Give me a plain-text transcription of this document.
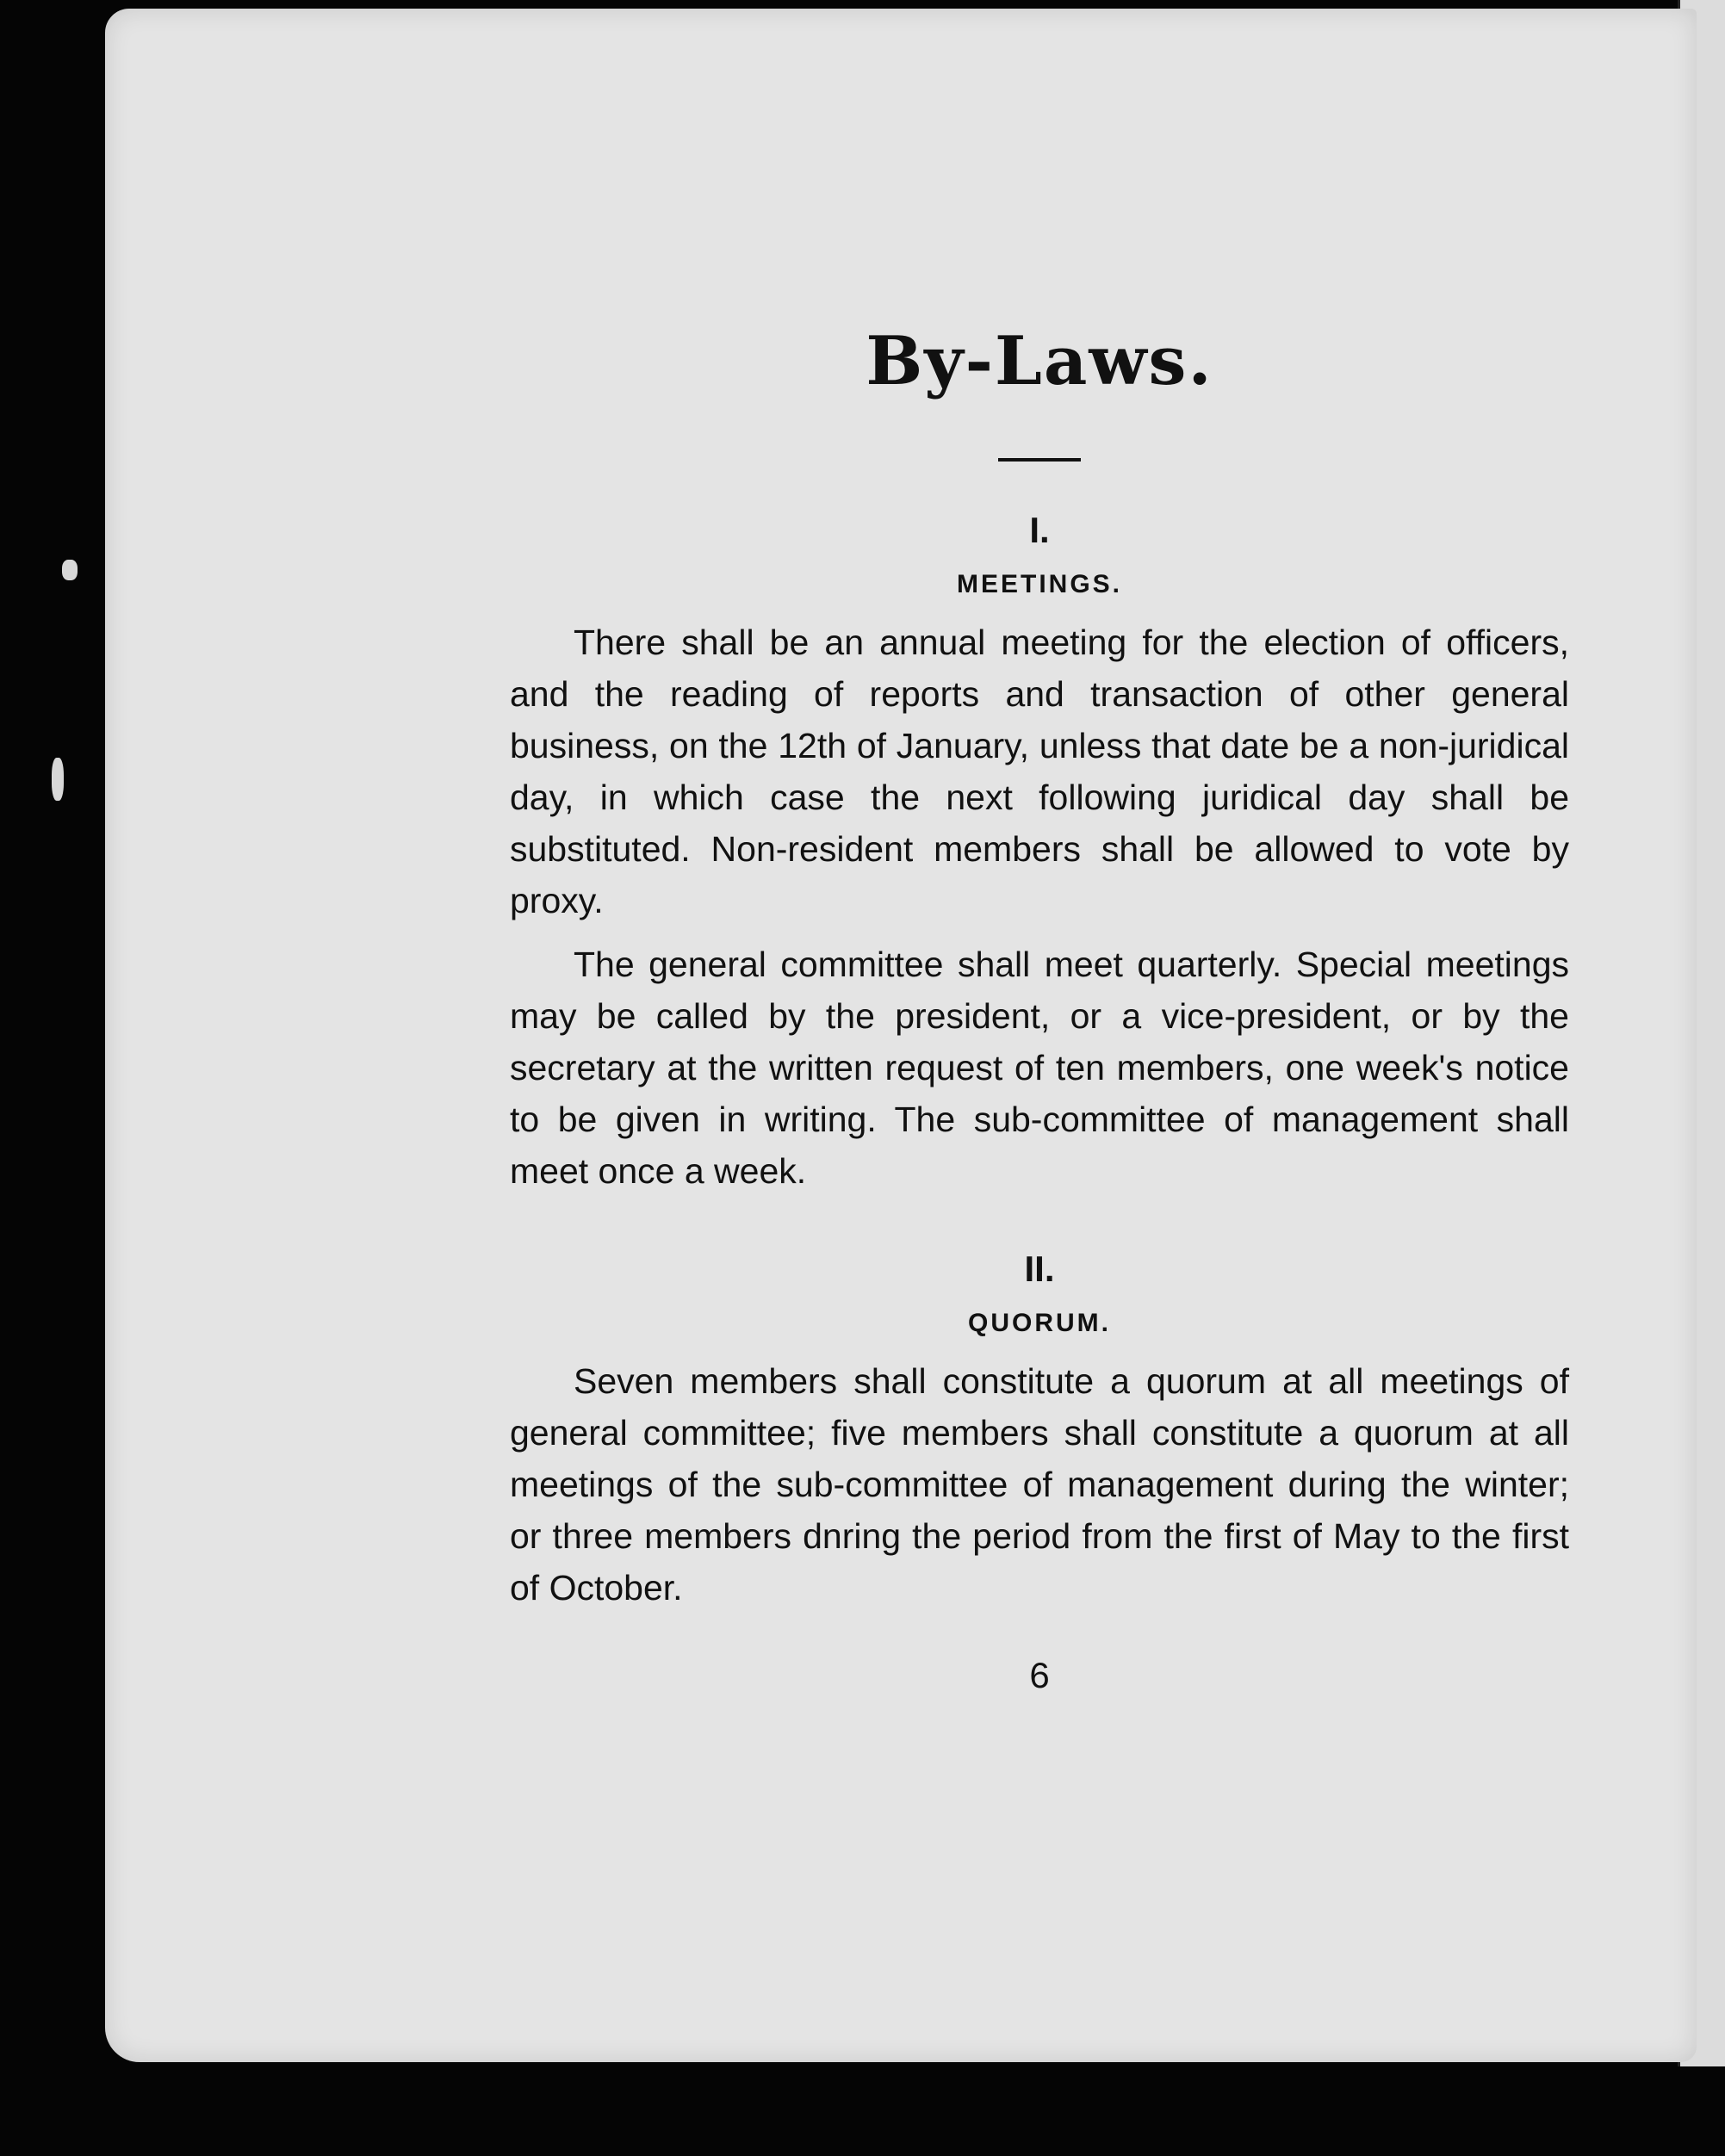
By-Laws.

I.

MEETINGS.

There shall be an annual meeting for the election of officers, and the reading of reports and transaction of other general business, on the 12th of January, unless that date be a non-juridical day, in which case the next following juridical day shall be substituted. Non-resident members shall be allowed to vote by proxy.

The general committee shall meet quarterly. Special meetings may be called by the president, or a vice-president, or by the secretary at the written request of ten members, one week's notice to be given in writing. The sub-committee of management shall meet once a week.

II.

QUORUM.

Seven members shall constitute a quorum at all meetings of general committee; five members shall constitute a quorum at all meetings of the sub-committee of management during the winter; or three members dnring the period from the first of May to the first of October.

6
